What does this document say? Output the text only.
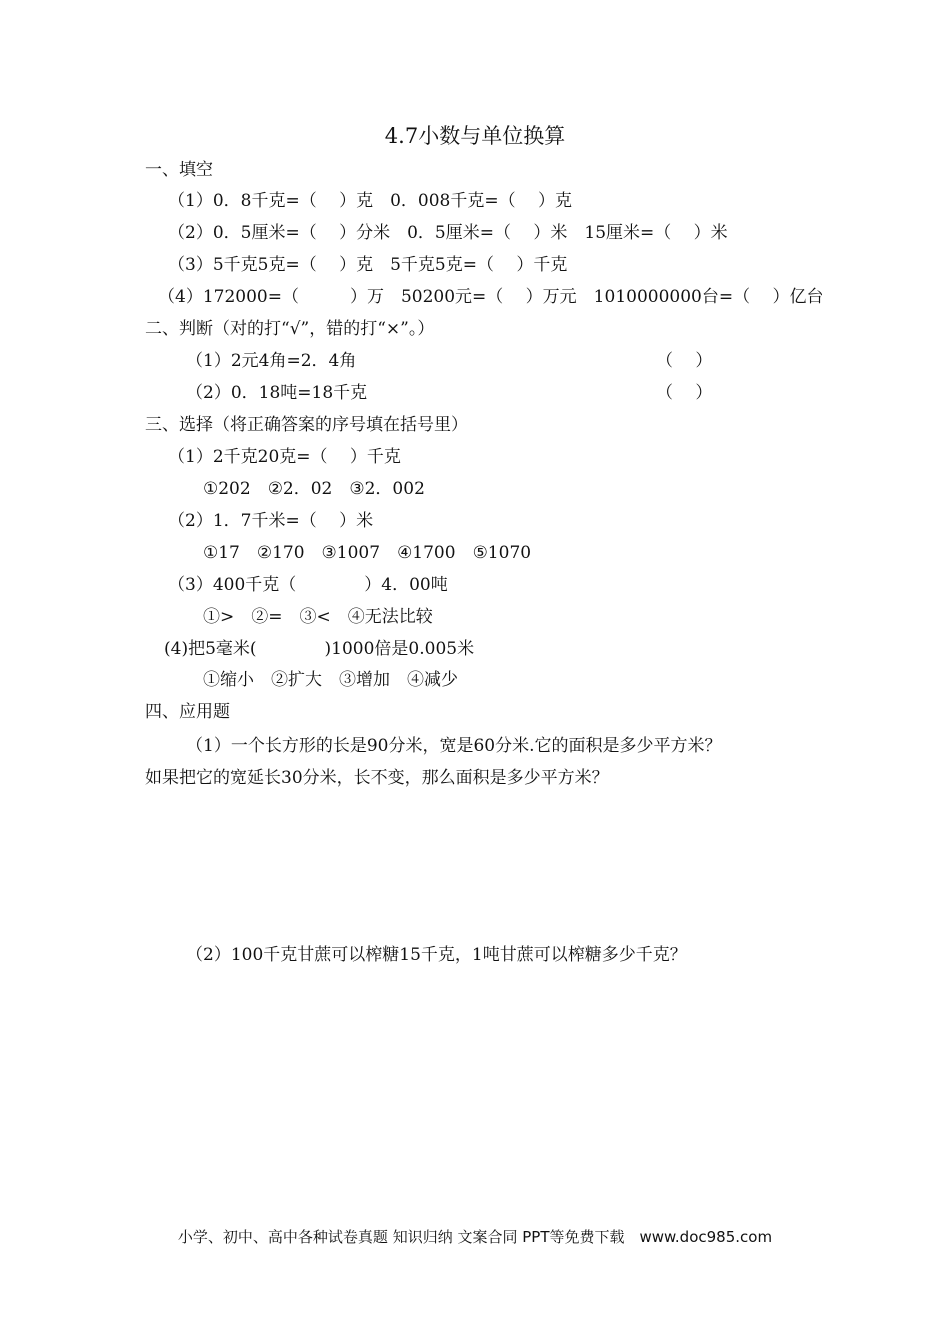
4.7小数与单位换算
一、填空
（1）0．8千克=（　 ）克　0．008千克=（　 ）克
（2）0．5厘米=（　 ）分米　0．5厘米=（　 ）米　15厘米=（　 ）米
（3）5千克5克=（　 ）克　5千克5克=（　 ）千克
（4）172000=（　　　）万　50200元=（　 ）万元　1010000000台=（　 ）亿台
二、判断（对的打“√”，错的打“×”。）
（1）2元4角=2．4角	（　 ）
（2）0．18吨=18千克	（　 ）
三、选择（将正确答案的序号填在括号里）
（1）2千克20克=（　 ）千克
①202　②2．02　③2．002
（2）1．7千米=（　 ）米
①17　②170　③1007　④1700　⑤1070
（3）400千克（　　　　）4．00吨
①>　②=　③<　④无法比较
(4)把5毫米(　　　　)1000倍是0.005米
①缩小　②扩大　③增加　④减少
四、应用题
（1）一个长方形的长是90分米，宽是60分米.它的面积是多少平方米？
如果把它的宽延长30分米，长不变，那么面积是多少平方米？
（2）100千克甘蔗可以榨糖15千克，1吨甘蔗可以榨糖多少千克？
小学、初中、高中各种试卷真题 知识归纳 文案合同 PPT等免费下载　www.doc985.com
